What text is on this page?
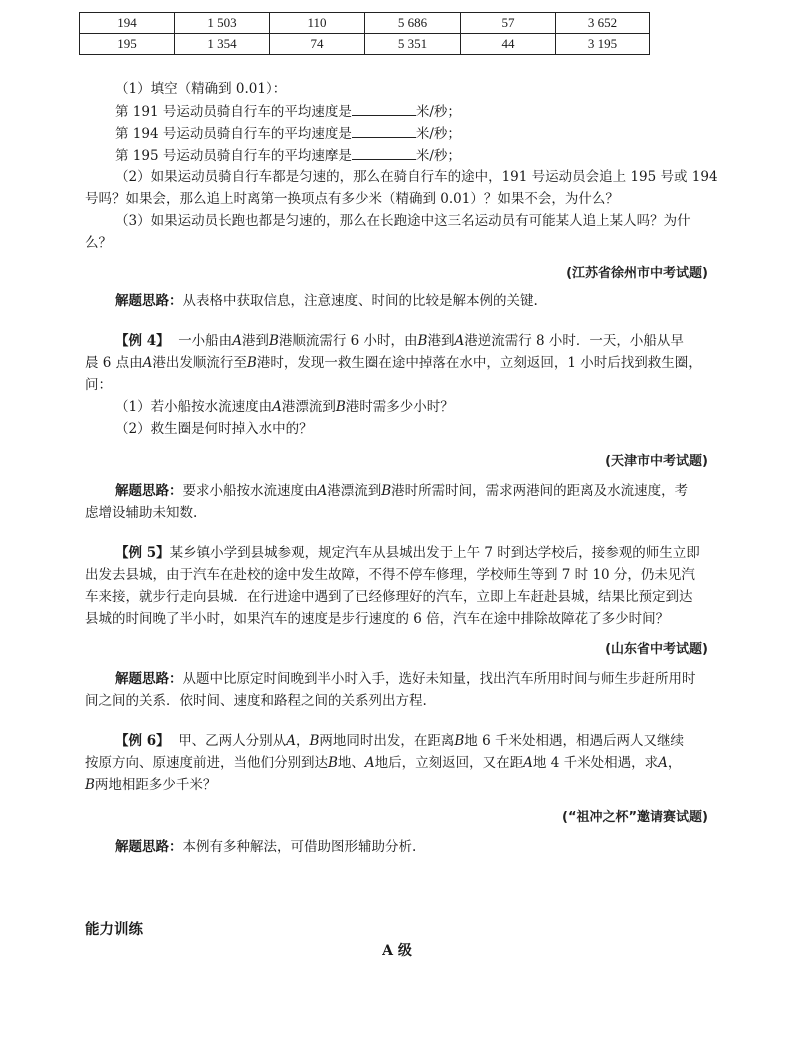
194	1 503	110	5 686	57	3 652
195	1 354	74	5 351	44	3 195
（1）填空（精确到 0.01）：
第 191 号运动员骑自行车的平均速度是	米/秒；
第 194 号运动员骑自行车的平均速度是	米/秒；
第 195 号运动员骑自行车的平均速摩是	米/秒；
（2）如果运动员骑自行车都是匀速的，那么在骑自行车的途中，191 号运动员会追上 195 号或 194
号吗？如果会，那么追上时离第一换项点有多少米（精确到 0.01）？如果不会，为什么？
（3）如果运动员长跑也都是匀速的，那么在长跑途中这三名运动员有可能某人追上某人吗？为什
么？
(江苏省徐州市中考试题)
解题思路：从表格中获取信息，注意速度、时间的比较是解本例的关键.
【例 4】 一小船由A港到B港顺流需行 6 小时，由B港到A港逆流需行 8 小时．一天，小船从早
晨 6 点由A港出发顺流行至B港时，发现一救生圈在途中掉落在水中，立刻返回，1 小时后找到救生圈，
问：
（1）若小船按水流速度由A港漂流到B港时需多少小时？
（2）救生圈是何时掉入水中的？
(天津市中考试题)
解题思路：要求小船按水流速度由A港漂流到B港时所需时间，需求两港间的距离及水流速度，考
虑增设辅助未知数.
【例 5】某乡镇小学到县城参观，规定汽车从县城出发于上午 7 时到达学校后，接参观的师生立即
出发去县城，由于汽车在赴校的途中发生故障，不得不停车修理，学校师生等到 7 时 10 分，仍未见汽
车来接，就步行走向县城．在行进途中遇到了已经修理好的汽车，立即上车赶赴县城，结果比预定到达
县城的时间晚了半小时，如果汽车的速度是步行速度的 6 倍，汽车在途中排除故障花了多少时间？
(山东省中考试题)
解题思路：从题中比原定时间晚到半小时入手，选好未知量，找出汽车所用时间与师生步赶所用时
间之间的关系．依时间、速度和路程之间的关系列出方程.
【例 6】 甲、乙两人分别从A，B两地同时出发，在距离B地 6 千米处相遇，相遇后两人又继续
按原方向、原速度前进，当他们分别到达B地、A地后，立刻返回，又在距A地 4 千米处相遇，求A，
B两地相距多少千米？
(“祖冲之杯”邀请赛试题)
解题思路：本例有多种解法，可借助图形辅助分析.
能力训练
A 级
